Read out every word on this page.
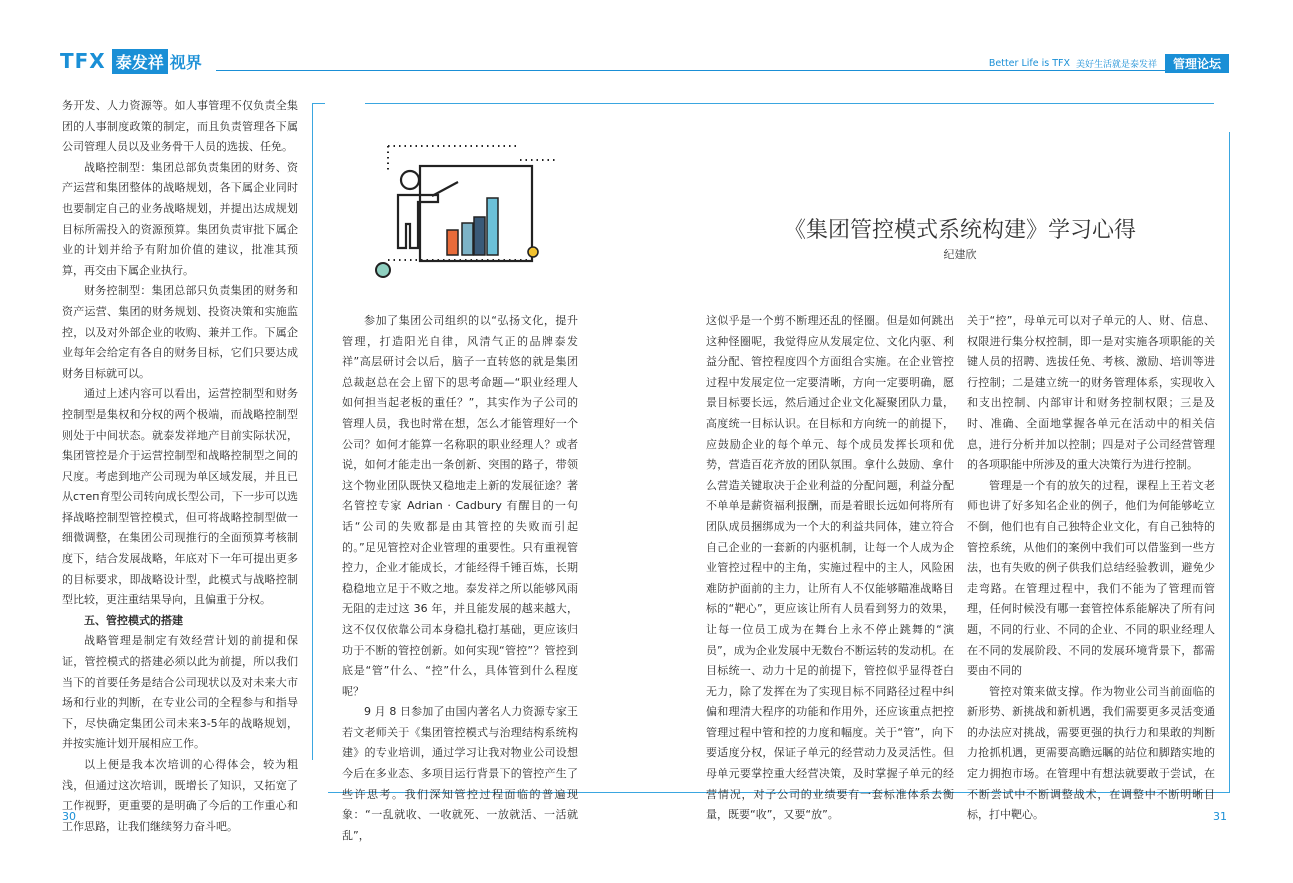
TFX 泰发祥 视界	Better Life is TFX 美好生活就是泰发祥	管理论坛

务开发、人力资源等。如人事管理不仅负责全集团的人事制度政策的制定，而且负责管理各下属公司管理人员以及业务骨干人员的选拔、任免。

战略控制型：集团总部负责集团的财务、资产运营和集团整体的战略规划，各下属企业同时也要制定自己的业务战略规划，并提出达成规划目标所需投入的资源预算。集团负责审批下属企业的计划并给予有附加价值的建议，批准其预算，再交由下属企业执行。

财务控制型：集团总部只负责集团的财务和资产运营、集团的财务规划、投资决策和实施监控，以及对外部企业的收购、兼并工作。下属企业每年会给定有各自的财务目标，它们只要达成财务目标就可以。

通过上述内容可以看出，运营控制型和财务控制型是集权和分权的两个极端，而战略控制型则处于中间状态。就泰发祥地产目前实际状况，集团管控是介于运营控制型和战略控制型之间的尺度。考虑到地产公司现为单区域发展，并且已从степ育型公司转向成长型公司，下一步可以选择战略控制型管控模式，但可将战略控制型做一细微调整，在集团公司现推行的全面预算考核制度下，结合发展战略，年底对下一年可提出更多的目标要求，即战略设计型，此模式与战略控制型比较，更注重结果导向，且偏重于分权。

五、管控模式的搭建

战略管理是制定有效经营计划的前提和保证，管控模式的搭建必须以此为前提，所以我们当下的首要任务是结合公司现状以及对未来大市场和行业的判断，在专业公司的全程参与和指导下，尽快确定集团公司未来3-5年的战略规划，并按实施计划开展相应工作。

以上便是我本次培训的心得体会，较为粗浅，但通过这次培训，既增长了知识，又拓宽了工作视野，更重要的是明确了今后的工作重心和工作思路，让我们继续努力奋斗吧。

《集团管控模式系统构建》学习心得
纪建欣

参加了集团公司组织的以“弘扬文化，提升管理，打造阳光自律，风清气正的品牌泰发祥”高层研讨会以后，脑子一直转悠的就是集团总裁赵总在会上留下的思考命题—“职业经理人如何担当起老板的重任？”，其实作为子公司的管理人员，我也时常在想，怎么才能管理好一个公司？如何才能算一名称职的职业经理人？或者说，如何才能走出一条创新、突围的路子，带领这个物业团队既快又稳地走上新的发展征途？著名管控专家 Adrian · Cadbury 有醒目的一句话“公司的失败都是由其管控的失败而引起的。”足见管控对企业管理的重要性。只有重视管控力，企业才能成长，才能经得千锤百炼，长期稳稳地立足于不败之地。泰发祥之所以能够风雨无阻的走过这 36 年，并且能发展的越来越大，这不仅仅依靠公司本身稳扎稳打基础，更应该归功于不断的管控创新。如何实现“管控”？管控到底是“管”什么、“控”什么，具体管到什么程度呢？

9 月 8 日参加了由国内著名人力资源专家王若文老师关于《集团管控模式与治理结构系统构建》的专业培训，通过学习让我对物业公司设想今后在多业态、多项目运行背景下的管控产生了些许思考。我们深知管控过程面临的普遍现象：“一乱就收、一收就死、一放就活、一活就乱”，

这似乎是一个剪不断理还乱的怪圈。但是如何跳出这种怪圈呢，我觉得应从发展定位、文化内驱、利益分配、管控程度四个方面组合实施。在企业管控过程中发展定位一定要清晰，方向一定要明确，愿景目标要长远，然后通过企业文化凝聚团队力量，高度统一目标认识。在目标和方向统一的前提下，应鼓励企业的每个单元、每个成员发挥长项和优势，营造百花齐放的团队氛围。拿什么鼓励、拿什么营造关键取决于企业利益的分配问题，利益分配不单单是薪资福利报酬，而是着眼长远如何将所有团队成员捆绑成为一个大的利益共同体，建立符合自己企业的一套新的内驱机制，让每一个人成为企业管控过程中的主角，实施过程中的主人，风险困难防护面前的主力，让所有人不仅能够瞄准战略目标的“靶心”，更应该让所有人员看到努力的效果，让每一位员工成为在舞台上永不停止跳舞的“演员”，成为企业发展中无数台不断运转的发动机。在目标统一、动力十足的前提下，管控似乎显得苍白无力，除了发挥在为了实现目标不同路径过程中纠偏和理清大程序的功能和作用外，还应该重点把控管理过程中管和控的力度和幅度。关于“管”，向下要适度分权，保证子单元的经营动力及灵活性。但母单元要掌控重大经营决策，及时掌握子单元的经营情况，对子公司的业绩要有一套标准体系去衡量，既要“收”，又要“放”。

关于“控”，母单元可以对子单元的人、财、信息、权限进行集分权控制，即一是对实施各项职能的关键人员的招聘、选拔任免、考核、激励、培训等进行控制；二是建立统一的财务管理体系，实现收入和支出控制、内部审计和财务控制权限；三是及时、准确、全面地掌握各单元在活动中的相关信息，进行分析并加以控制；四是对子公司经营管理的各项职能中所涉及的重大决策行为进行控制。

管理是一个有的放矢的过程，课程上王若文老师也讲了好多知名企业的例子，他们为何能够屹立不倒，他们也有自己独特企业文化，有自己独特的管控系统，从他们的案例中我们可以借鉴到一些方法，也有失败的例子供我们总结经验教训，避免少走弯路。在管理过程中，我们不能为了管理而管理，任何时候没有哪一套管控体系能解决了所有问题，不同的行业、不同的企业、不同的职业经理人在不同的发展阶段、不同的发展环境背景下，都需要由不同的

管控对策来做支撑。作为物业公司当前面临的新形势、新挑战和新机遇，我们需要更多灵活变通的办法应对挑战，需要更强的执行力和果敢的判断力抢抓机遇，更需要高瞻远瞩的站位和脚踏实地的定力拥抱市场。在管理中有想法就要敢于尝试，在不断尝试中不断调整战术，在调整中不断明晰目标，打中靶心。

30	31
